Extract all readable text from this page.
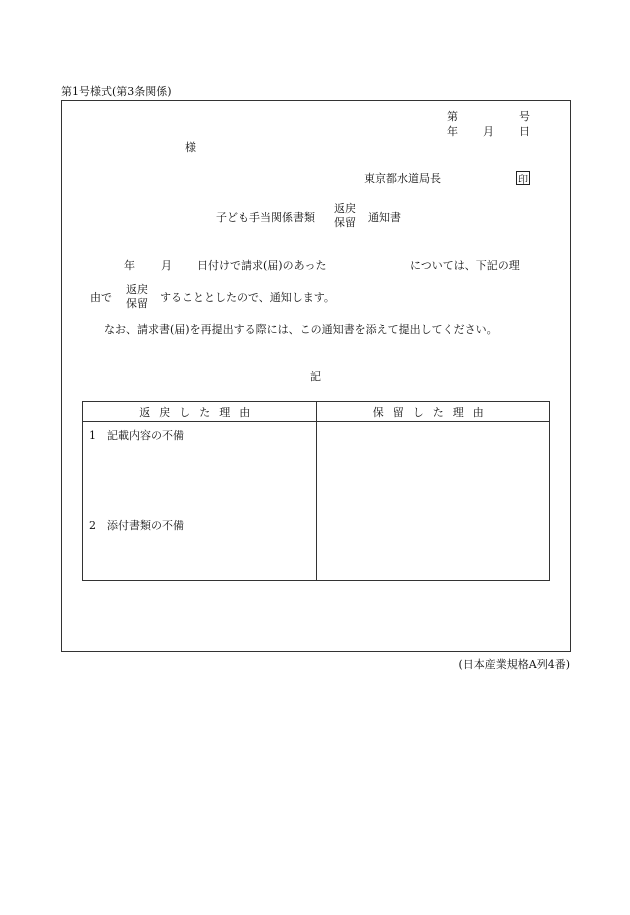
第1号様式(第3条関係)
第	号
年 月 日
様
東京都水道局長	印
子ども手当関係書類
返戻
保留 通知書
年 月 日付けで請求(届)のあった	については、下記の理
由で
返戻
保留 することとしたので、通知します。
なお、請求書(届)を再提出する際には、この通知書を添えて提出してください。
記
返戻した理由	保留した理由

1　記載内容の不備
2　添付書類の不備	

(日本産業規格A列4番)
